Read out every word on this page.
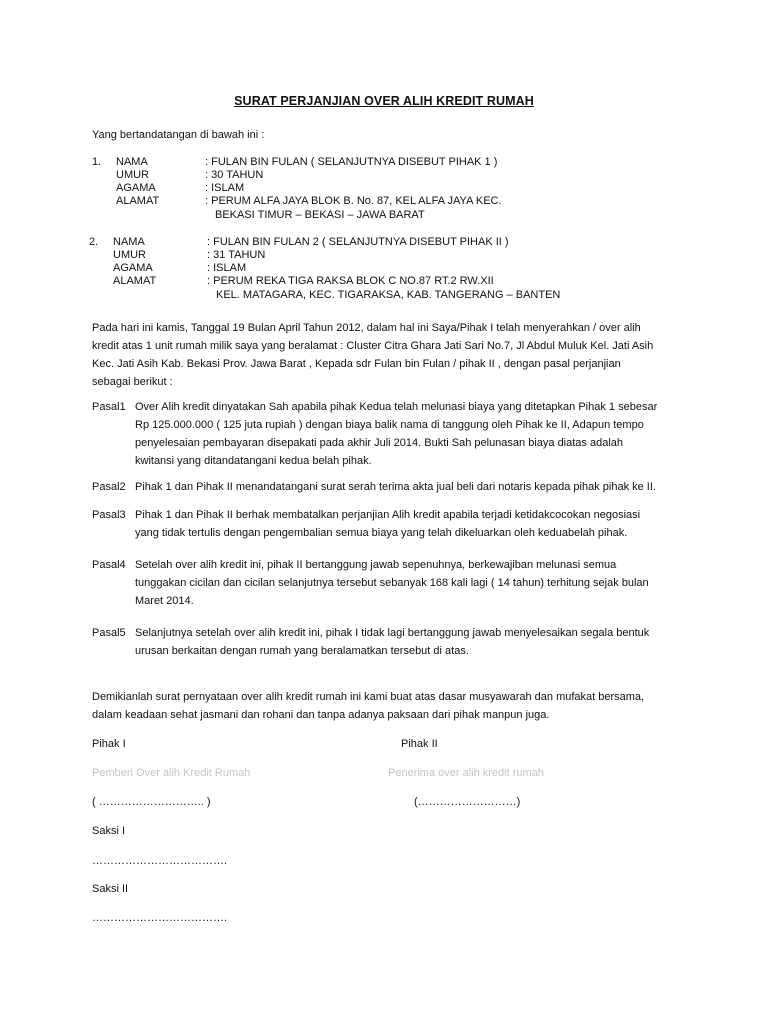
SURAT PERJANJIAN OVER ALIH KREDIT RUMAH
Yang bertandatangan di bawah ini :
1. NAMA	: FULAN BIN FULAN ( SELANJUTNYA DISEBUT PIHAK 1 )
UMUR	: 30 TAHUN
AGAMA	: ISLAM
ALAMAT	: PERUM ALFA JAYA BLOK B. No. 87, KEL ALFA JAYA KEC.
BEKASI TIMUR – BEKASI – JAWA BARAT
2. NAMA	: FULAN BIN FULAN 2 ( SELANJUTNYA DISEBUT PIHAK II )
UMUR	: 31 TAHUN
AGAMA	: ISLAM
ALAMAT	: PERUM REKA TIGA RAKSA BLOK C NO.87 RT.2 RW.XII
KEL. MATAGARA, KEC. TIGARAKSA, KAB. TANGERANG – BANTEN
Pada hari ini kamis, Tanggal 19 Bulan April Tahun 2012, dalam hal ini Saya/Pihak I telah menyerahkan / over alih
kredit atas 1 unit rumah milik saya yang beralamat : Cluster Citra Ghara Jati Sari No.7, Jl Abdul Muluk Kel. Jati Asih
Kec. Jati Asih Kab. Bekasi Prov. Jawa Barat , Kepada sdr Fulan bin Fulan / pihak II , dengan pasal perjanjian
sebagai berikut :
Pasal1 Over Alih kredit dinyatakan Sah apabila pihak Kedua telah melunasi biaya yang ditetapkan Pihak 1 sebesar
Rp 125.000.000 ( 125 juta rupiah ) dengan biaya balik nama di tanggung oleh Pihak ke II, Adapun tempo
penyelesaian pembayaran disepakati pada akhir Juli 2014. Bukti Sah pelunasan biaya diatas adalah
kwitansi yang ditandatangani kedua belah pihak.
Pasal2 Pihak 1 dan Pihak II menandatangani surat serah terima akta jual beli dari notaris kepada pihak pihak ke II.
Pasal3 Pihak 1 dan Pihak II berhak membatalkan perjanjian Alih kredit apabila terjadi ketidakcocokan negosiasi
yang tidak tertulis dengan pengembalian semua biaya yang telah dikeluarkan oleh keduabelah pihak.
Pasal4 Setelah over alih kredit ini, pihak II bertanggung jawab sepenuhnya, berkewajiban melunasi semua
tunggakan cicilan dan cicilan selanjutnya tersebut sebanyak 168 kali lagi ( 14 tahun) terhitung sejak bulan
Maret 2014.
Pasal5 Selanjutnya setelah over alih kredit ini, pihak I tidak lagi bertanggung jawab menyelesaikan segala bentuk
urusan berkaitan dengan rumah yang beralamatkan tersebut di atas.
Demikianlah surat pernyataan over alih kredit rumah ini kami buat atas dasar musyawarah dan mufakat bersama,
dalam keadaan sehat jasmani dan rohani dan tanpa adanya paksaan dari pihak manpun juga.
Pihak I	Pihak II
Pemberi Over alih Kredit Rumah	Penerima over alih kredit rumah
( ……………………….. )	(………………………)
Saksi I
……………………………….
Saksi II
……………………………….
